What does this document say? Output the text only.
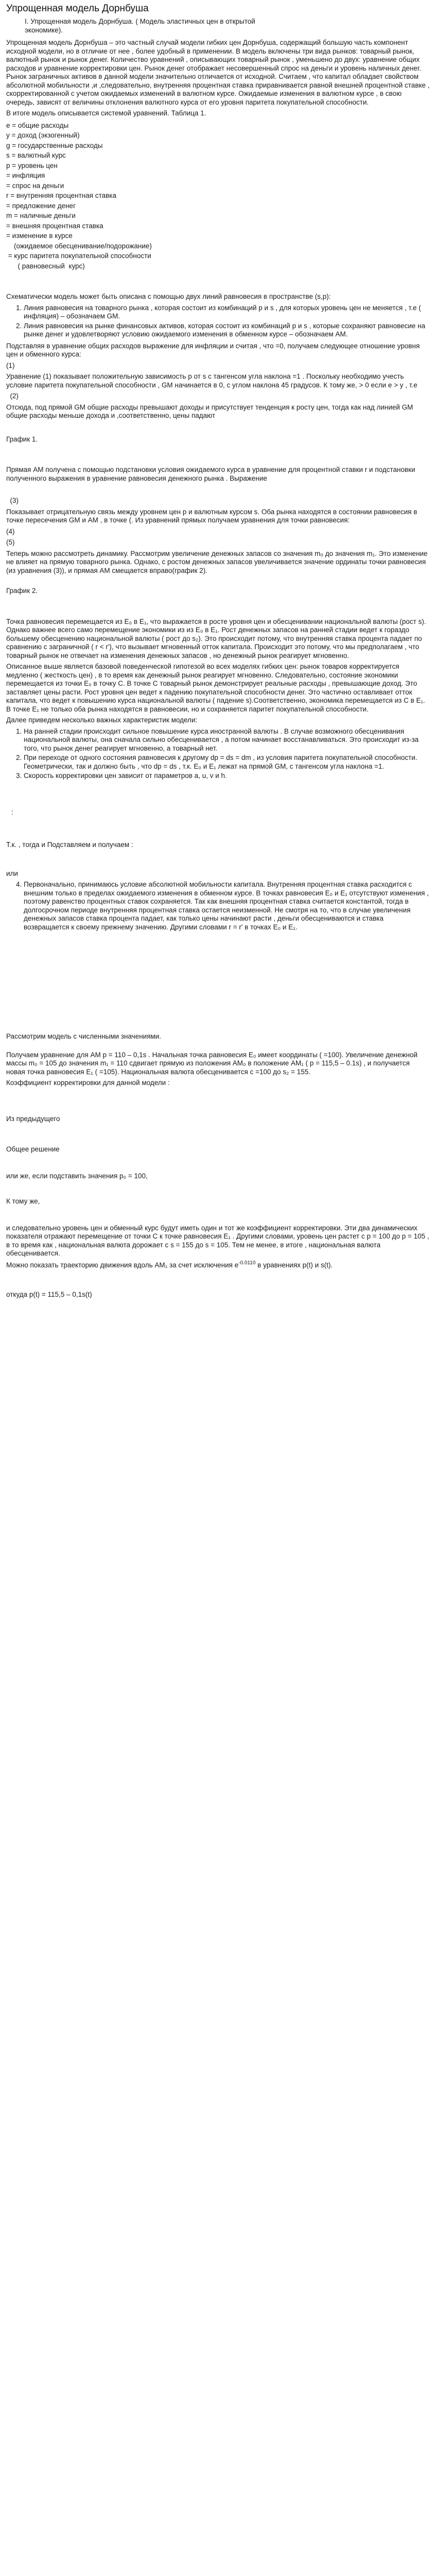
Упрощенная модель Дорнбуша

I. Упрощенная модель Дорнбуша. ( Модель эластичных цен в открытой

экономике).

Упрощенная модель Дорнбуша – это частный случай модели гибких цен Дорнбуша, содержащий большую часть компонент исходной модели, но в отличие от нее , более удобный в применении. В модель включены три вида рынков: товарный рынок, валютный рынок и рынок денег. Количество уравнений , описывающих товарный рынок , уменьшено до двух: уравнение общих расходов и уравнение корректировки цен. Рынок денег отображает несовершенный спрос на деньги и уровень наличных денег. Рынок заграничных активов в данной модели значительно отличается от исходной. Считаем , что капитал обладает свойством абсолютной мобильности ,и ,следовательно, внутренняя процентная ставка приравнивается равной внешней процентной ставке , скорректированной с учетом ожидаемых изменений в валютном курсе. Ожидаемые изменения в валютном курсе , в свою очередь, зависят от величины отклонения валютного курса от его уровня паритета покупательной способности.

В итоге модель описывается системой уравнений. Таблица 1.

e = общие расходы
y = доход (экзогенный)
g = государственные расходы
s = валютный курс
p = уровень цен
= инфляция
= спрос на деньги
r = внутренняя процентная ставка
= предложение денег
m = наличные деньги
= внешняя процентная ставка
= изменение в курсе
(ожидаемое обесценивание/подорожание)
= курс паритета покупательной способности
( равновесный  курс)

Схематически модель может быть описана с помощью двух линий равновесия в пространстве (s,p):

1. Линия равновесия на товарного рынка , которая состоит из комбинаций p и s , для которых уровень цен не меняется , т.е ( инфляция) – обозначаем GM.
2. Линия равновесия на рынке финансовых активов, которая состоит из комбинаций p и s , которые сохраняют равновесие на рынке денег и удовлетворяют условию ожидаемого изменения в обменном курсе – обозначаем AM.

Подставляя в уравнение общих расходов выражение для инфляции и считая , что =0, получаем следующее отношение уровня цен и обменного курса:

(1)

Уравнение (1) показывает положительную зависимость p от s с тангенсом угла наклона =1 . Поскольку необходимо учесть условие паритета покупательной способности , GM начинается в 0, с углом наклона 45 градусов. К тому же, > 0 если e > y , т.е

(2)

Отсюда, под прямой GM общие расходы превышают доходы и присутствует тенденция к росту цен, тогда как над линией GM общие расходы меньше дохода и ,соответственно, цены падают

График 1.

Прямая AM получена с помощью подстановки условия ожидаемого курса в уравнение для процентной ставки r и подстановки полученного выражения в уравнение равновесия денежного рынка . Выражение

(3)

Показывает отрицательную связь между уровнем цен p и валютным курсом s. Оба рынка находятся в состоянии равновесия в точке пересечения GM и AM , в точке (. Из уравнений прямых получаем уравнения для точки равновесия:

(4)

(5)

Теперь можно рассмотреть динамику. Рассмотрим увеличение денежных запасов со значения m₀ до значения m₁. Это изменение не влияет на прямую товарного рынка. Однако, с ростом денежных запасов увеличивается значение ординаты точки равновесия (из уравнения (3)), и прямая AM смещается вправо(график 2).

График 2.

Точка равновесия перемещается из E₀ в E₁, что выражается в росте уровня цен и обесценивании национальной валюты (рост s). Однако важнее всего само перемещение экономики из из E₀ в E₁. Рост денежных запасов на ранней стадии ведет к гораздо большему обесценению национальной валюты ( рост до s₂). Это происходит потому, что внутренняя ставка процента падает по сравнению с заграничной ( r < r'), что вызывает мгновенный отток капитала. Происходит это потому, что мы предполагаем , что товарный рынок не отвечает на изменения денежных запасов , но денежный рынок реагирует мгновенно.

Описанное выше является базовой поведенческой гипотезой во всех моделях гибких цен: рынок товаров корректируется медленно ( жесткость цен) , в то время как денежный рынок реагирует мгновенно. Следовательно, состояние экономики перемещается из точки E₀ в точку C. В точке C товарный рынок демонстрирует реальные расходы , превышающие доход. Это заставляет цены расти. Рост уровня цен ведет к падению покупательной способности денег. Это частично оставливает отток капитала, что ведет к повышению курса национальной валюты ( падение s).Соответственно, экономика перемещается из C в E₁. В точке E₁ не только оба рынка находятся в равновесии, но и сохраняется паритет покупательной способности.

Далее приведем несколько важных характеристик модели:

1. На ранней стадии происходит сильное повышение курса иностранной валюты . В случае возможного обесценивания национальной валюты, она сначала сильно обесценивается , а потом начинает восстанавливаться. Это происходит из-за того, что рынок денег реагирует мгновенно, а товарный нет.
2. При переходе от одного состояния равновесия к другому dp = ds = dm , из условия паритета покупательной способности. Геометрически, так и должно быть , что dp = ds , т.к. E₀ и E₁ лежат на прямой GM, с тангенсом угла наклона =1.
3. Скорость корректировки цен зависит от параметров a, u, v и h.

:

Т.к. , тогда и Подставляем и получаем :

или

4. Первоначально, принимаюсь условие абсолютной мобильности капитала. Внутренняя процентная ставка расходится с внешним только в пределах ожидаемого изменения в обменном курсе. В точках равновесия E₀ и E₁ отсутствуют изменения , поэтому равенство процентных ставок сохраняется. Так как внешняя процентная ставка считается константой, тогда в долгосрочном периоде внутренняя процентная ставка остается неизменной. Не смотря на то, что в случае увеличения денежных запасов ставка процента падает, как только цены начинают расти , деньги обесцениваются и ставка возвращается к своему прежнему значению. Другими словами r = r' в точках E₀ и E₁.

Рассмотрим модель с численными значениями.

Получаем уравнение для AM p = 110 – 0,1s . Начальная точка равновесия E₀ имеет координаты ( =100). Увеличение денежной массы m₀ = 105 до значения m₁ = 110 сдвигает прямую из положения AM₀ в положение AM₁ ( p = 115,5 – 0.1s) , и получается новая точка равновесия E₁ ( =105). Национальная валюта обесценивается с =100 до s₂ = 155.

Коэффициент корректировки для данной модели :

Из предыдущего

Общее решение

или же, если подставить значения p₀ = 100,

К тому же,

и следовательно уровень цен и обменный курс будут иметь один и тот же коэффициент корректировки. Эти два динамических показателя отражают перемещение от точки C к точке равновесия E₁ . Другими словами, уровень цен растет с p = 100 до p = 105 , в то время как , национальная валюта дорожает с s = 155 до s = 105. Тем не менее, в итоге , национальная валюта обесценивается.

Можно показать траекторию движения вдоль AM₁ за счет исключения $e^{-0.0110}$ в уравнениях p(t) и s(t).

откуда p(t) = 115,5 – 0,1s(t)
